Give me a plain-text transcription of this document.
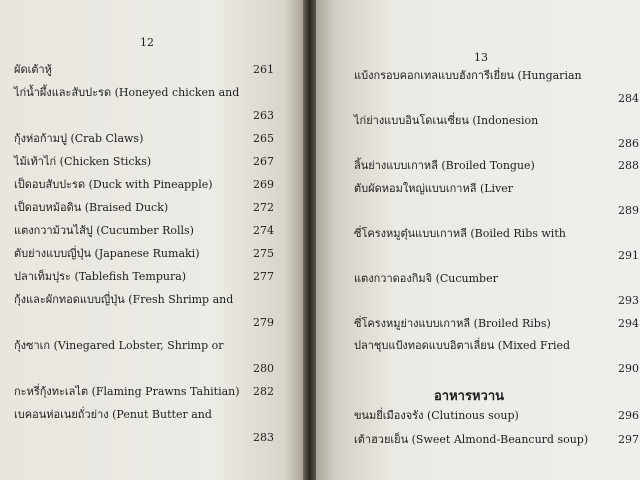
12
ผัดเต้าหู้	261
ไก่น้ำผึ้งและสับปะรด (Honeyed chicken and
263
กุ้งห่อก้ามปู (Crab Claws)	265
ไม้เท้าไก่ (Chicken Sticks)	267
เป็ดอบสับปะรด (Duck with Pineapple)	269
เป็ดอบหม้อดิน (Braised Duck)	272
แตงกวาม้วนไส้ปู (Cucumber Rolls)	274
ตับย่างแบบญี่ปุ่น (Japanese Rumaki)	275
ปลาเท็มปุระ (Tablefish Tempura)	277
กุ้งและผักทอดแบบญี่ปุ่น (Fresh Shrimp and
279
กุ้งซาเก (Vinegared Lobster, Shrimp or
280
กะหรี่กุ้งทะเลไต (Flaming Prawns Tahitian) 282
เบคอนห่อเนยถั่วย่าง (Penut Butter and
283
13
แบ้งกรอบคอกเทลแบบฮังการีเยี่ยน (Hungarian
284
ไก่ย่างแบบอินโดเนเซี่ยน (Indonesion
286
ลิ้นย่างแบบเกาหลี (Broiled Tongue)	288
ตับผัดหอมใหญ่แบบเกาหลี (Liver
289
ซี่โครงหมูตุ๋นแบบเกาหลี (Boiled Ribs with
291
แตงกวาดองกิมจิ (Cucumber
293
ซี่โครงหมูย่างแบบเกาหลี (Broiled Ribs)	294
ปลาชุบแป้งทอดแบบอิตาเลี่ยน (Mixed Fried
290
อาหารหวาน
ขนมยี่เมืองจรัง (Clutinous soup)	296
เต้าฮวยเย็น (Sweet Almond-Beancurd soup)	297
